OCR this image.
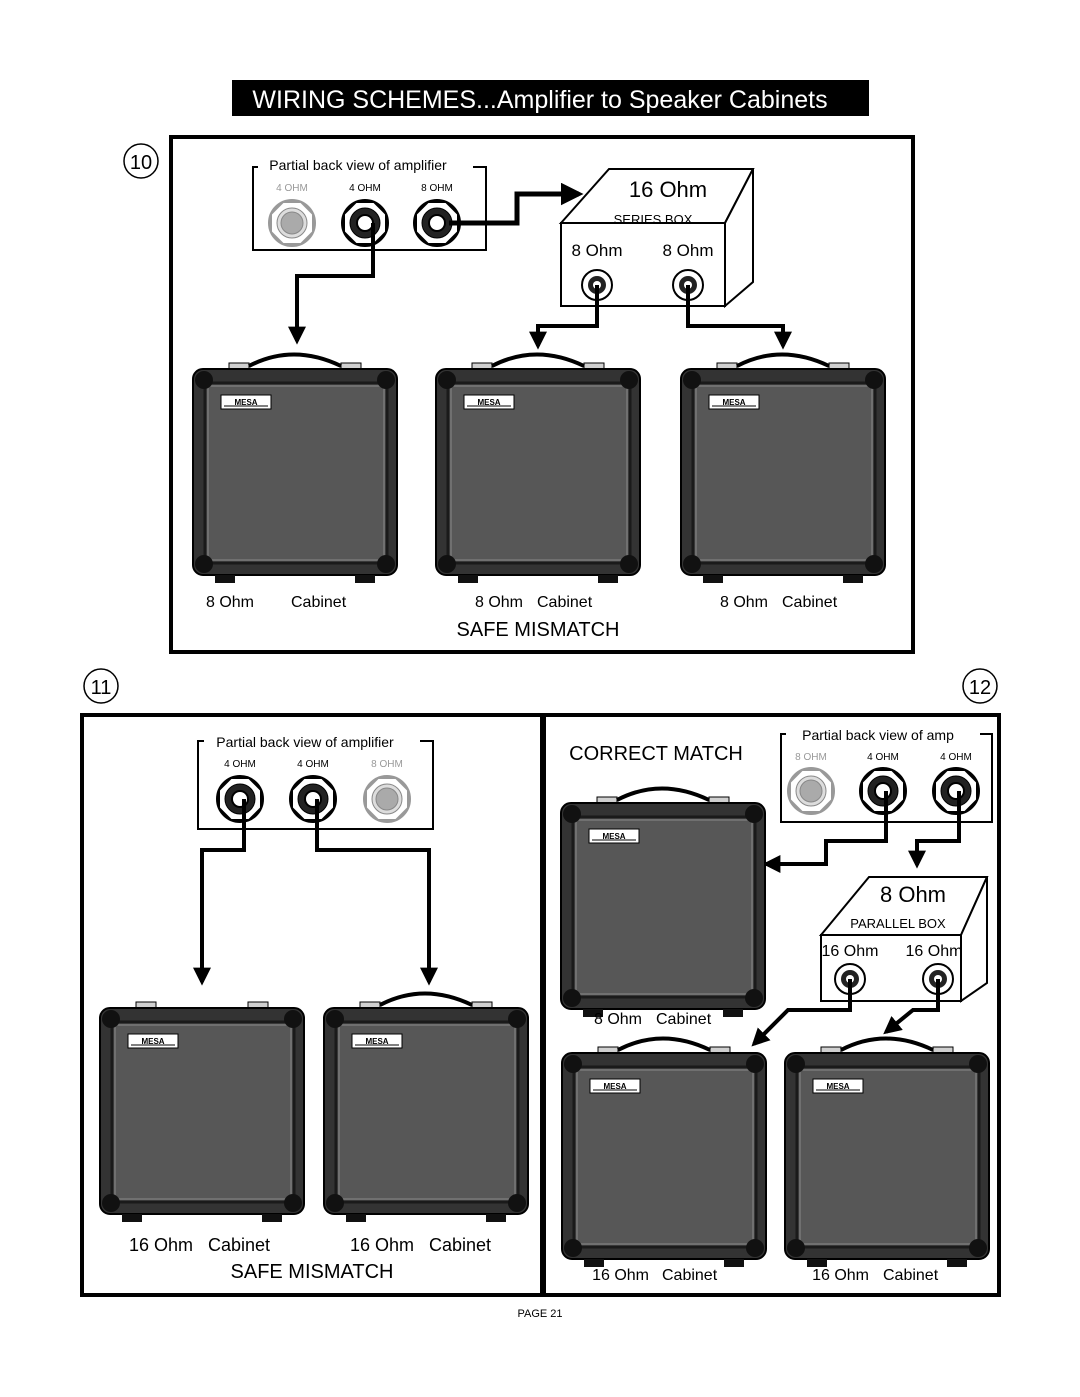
WIRING SCHEMES...Amplifier to Speaker Cabinets
10	Partial back view of amplifier
4 OHM	4 OHM	8 OHM	16 Ohm
SERIES BOX
8 Ohm 8 Ohm
MESA	MESA	MESA
8 Ohm Cabinet	8 Ohm Cabinet	8 Ohm Cabinet
SAFE MISMATCH
11
Partial back view of amplifier
4 OHM	4 OHM	8 OHM
MESA	MESA
16 Ohm Cabinet	16 Ohm Cabinet
SAFE MISMATCH
12
CORRECT MATCH
Partial back view of amp
8 OHM	4 OHM	4 OHM
8 Ohm
PARALLEL BOX
16 Ohm 16 Ohm
MESA
MESA	MESA
8 Ohm Cabinet
16 Ohm Cabinet	16 Ohm Cabinet
PAGE 21
